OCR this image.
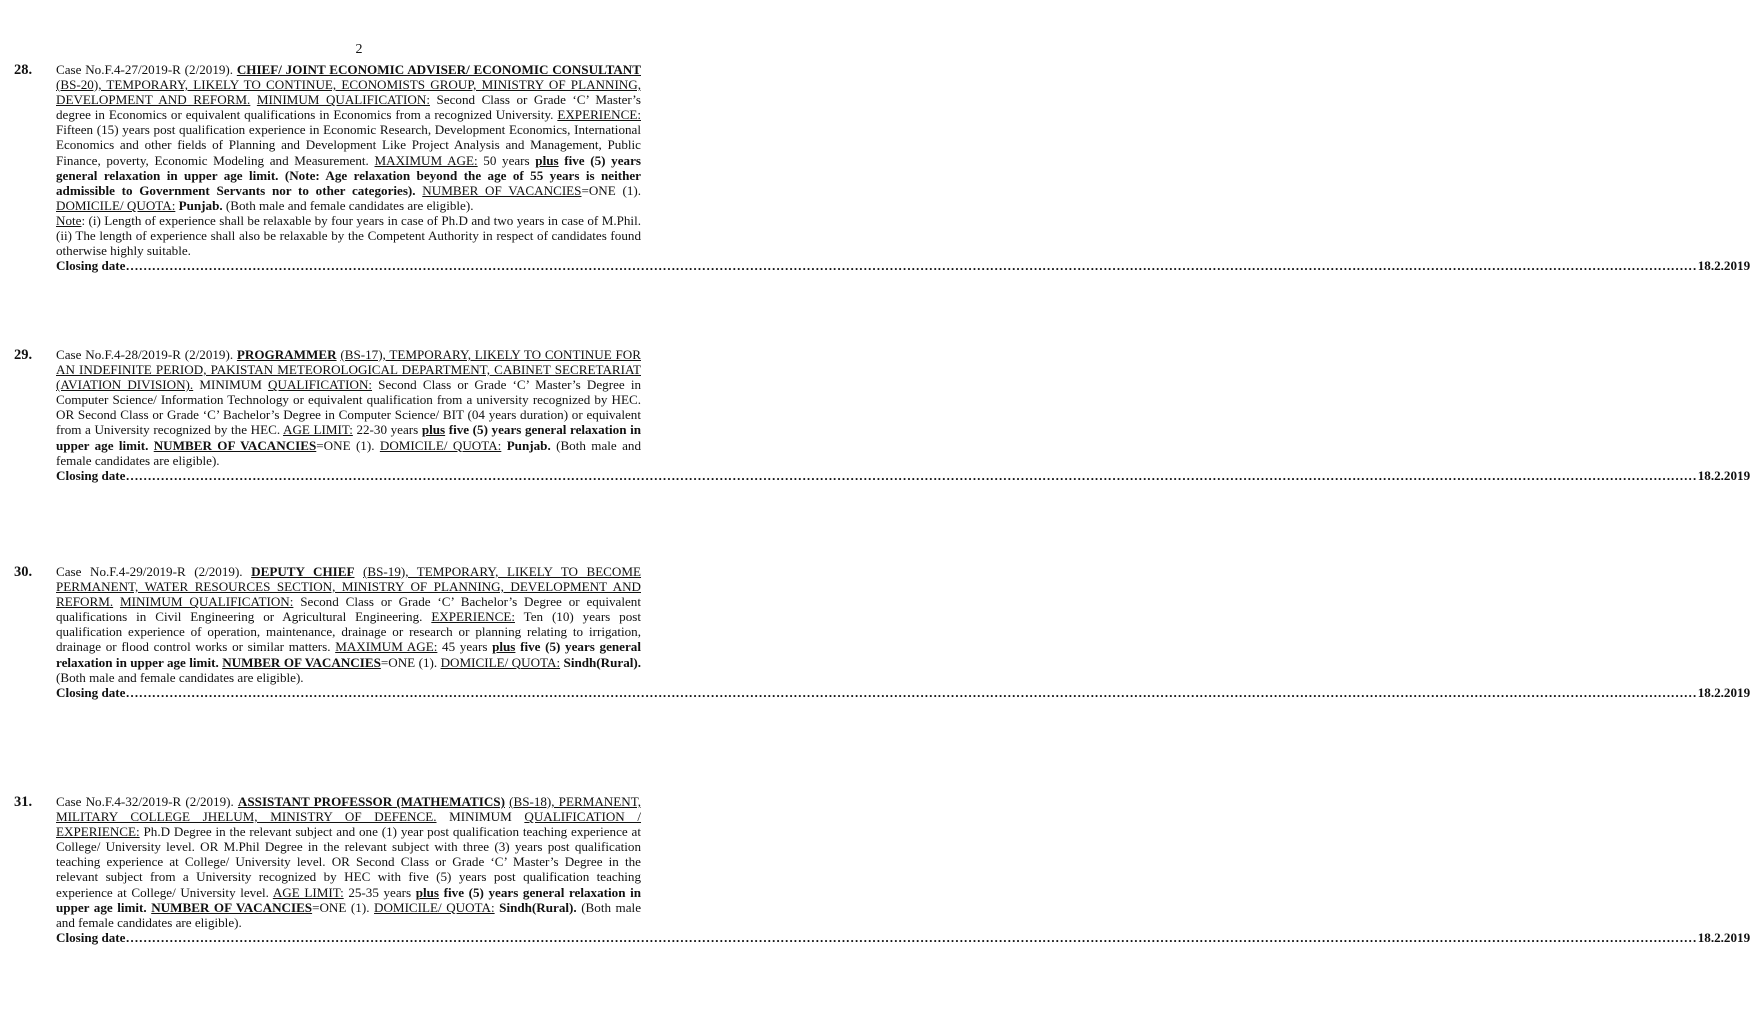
2
28. Case No.F.4-27/2019-R (2/2019). CHIEF/ JOINT ECONOMIC ADVISER/ ECONOMIC CONSULTANT (BS-20), TEMPORARY, LIKELY TO CONTINUE, ECONOMISTS GROUP, MINISTRY OF PLANNING, DEVELOPMENT AND REFORM. MINIMUM QUALIFICATION: Second Class or Grade ‘C’ Master’s degree in Economics or equivalent qualifications in Economics from a recognized University. EXPERIENCE: Fifteen (15) years post qualification experience in Economic Research, Development Economics, International Economics and other fields of Planning and Development Like Project Analysis and Management, Public Finance, poverty, Economic Modeling and Measurement. MAXIMUM AGE: 50 years plus five (5) years general relaxation in upper age limit. (Note: Age relaxation beyond the age of 55 years is neither admissible to Government Servants nor to other categories). NUMBER OF VACANCIES=ONE (1). DOMICILE/ QUOTA: Punjab. (Both male and female candidates are eligible).
Note: (i) Length of experience shall be relaxable by four years in case of Ph.D and two years in case of M.Phil. (ii) The length of experience shall also be relaxable by the Competent Authority in respect of candidates found otherwise highly suitable.
Closing date ……………………………………………………………………………………………………………………………………………………………………………………………………………………………………………………………………………………………………………………………… 18.2.2019
29. Case No.F.4-28/2019-R (2/2019). PROGRAMMER (BS-17), TEMPORARY, LIKELY TO CONTINUE FOR AN INDEFINITE PERIOD, PAKISTAN METEOROLOGICAL DEPARTMENT, CABINET SECRETARIAT (AVIATION DIVISION). MINIMUM QUALIFICATION: Second Class or Grade ‘C’ Master’s Degree in Computer Science/ Information Technology or equivalent qualification from a university recognized by HEC. OR Second Class or Grade ‘C’ Bachelor’s Degree in Computer Science/ BIT (04 years duration) or equivalent from a University recognized by the HEC. AGE LIMIT: 22-30 years plus five (5) years general relaxation in upper age limit. NUMBER OF VACANCIES=ONE (1). DOMICILE/ QUOTA: Punjab. (Both male and female candidates are eligible).
Closing date ……………………………………………………………………………………………………………………………………………………………………………………………………………………………………………………………………………………………………………………………… 18.2.2019
30. Case No.F.4-29/2019-R (2/2019). DEPUTY CHIEF (BS-19), TEMPORARY, LIKELY TO BECOME PERMANENT, WATER RESOURCES SECTION, MINISTRY OF PLANNING, DEVELOPMENT AND REFORM. MINIMUM QUALIFICATION: Second Class or Grade ‘C’ Bachelor’s Degree or equivalent qualifications in Civil Engineering or Agricultural Engineering. EXPERIENCE: Ten (10) years post qualification experience of operation, maintenance, drainage or research or planning relating to irrigation, drainage or flood control works or similar matters. MAXIMUM AGE: 45 years plus five (5) years general relaxation in upper age limit. NUMBER OF VACANCIES=ONE (1). DOMICILE/ QUOTA: Sindh(Rural). (Both male and female candidates are eligible).
Closing date ……………………………………………………………………………………………………………………………………………………………………………………………………………………………………………………………………………………………………………………………… 18.2.2019
31. Case No.F.4-32/2019-R (2/2019). ASSISTANT PROFESSOR (MATHEMATICS) (BS-18), PERMANENT, MILITARY COLLEGE JHELUM, MINISTRY OF DEFENCE. MINIMUM QUALIFICATION / EXPERIENCE: Ph.D Degree in the relevant subject and one (1) year post qualification teaching experience at College/ University level. OR M.Phil Degree in the relevant subject with three (3) years post qualification teaching experience at College/ University level. OR Second Class or Grade ‘C’ Master’s Degree in the relevant subject from a University recognized by HEC with five (5) years post qualification teaching experience at College/ University level. AGE LIMIT: 25-35 years plus five (5) years general relaxation in upper age limit. NUMBER OF VACANCIES=ONE (1). DOMICILE/ QUOTA: Sindh(Rural). (Both male and female candidates are eligible).
Closing date ……………………………………………………………………………………………………………………………………………………………………………………………………………………………………………………………………………………………………………………………… 18.2.2019
